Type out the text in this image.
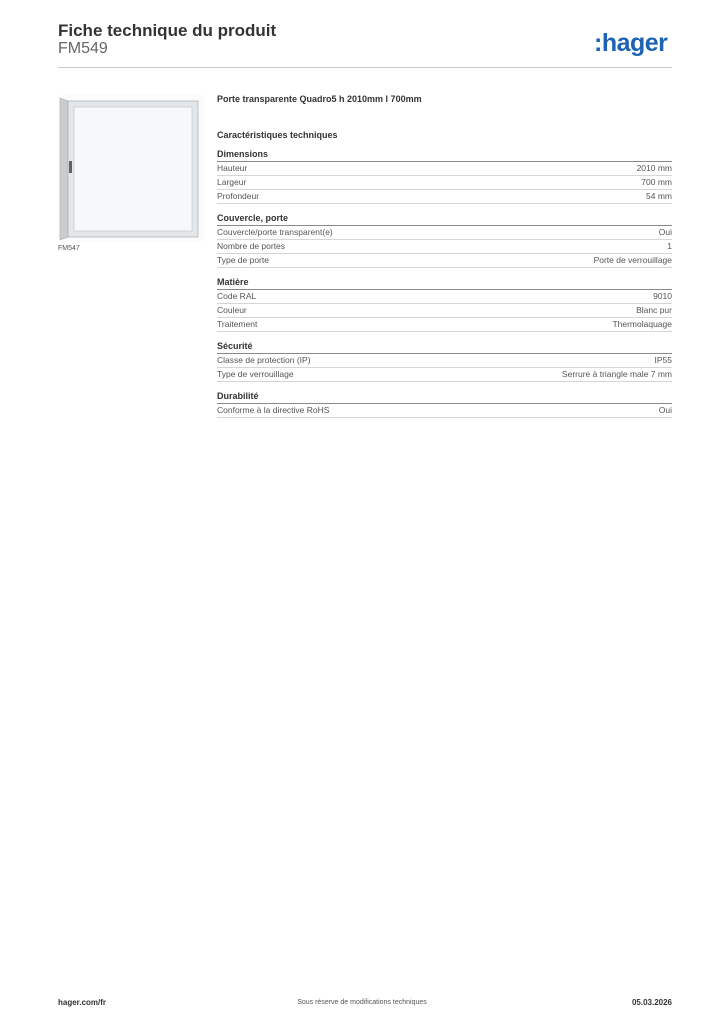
Fiche technique du produit
FM549	:hager
FM547
Porte transparente Quadro5 h 2010mm l 700mm
Caractéristiques techniques
Dimensions
Hauteur	2010 mm
Largeur	700 mm
Profondeur	54 mm
Couvercle, porte
Couvercle/porte transparent(e)	Oui
Nombre de portes	1
Type de porte	Porte de verrouillage
Matière
Code RAL	9010
Couleur	Blanc pur
Traitement	Thermolaquage
Sécurité
Classe de protection (IP)	IP55
Type de verrouillage	Serrure à triangle male 7 mm
Durabilité
Conforme à la directive RoHS	Oui
hager.com/fr	Sous réserve de modifications techniques	05.03.2026
